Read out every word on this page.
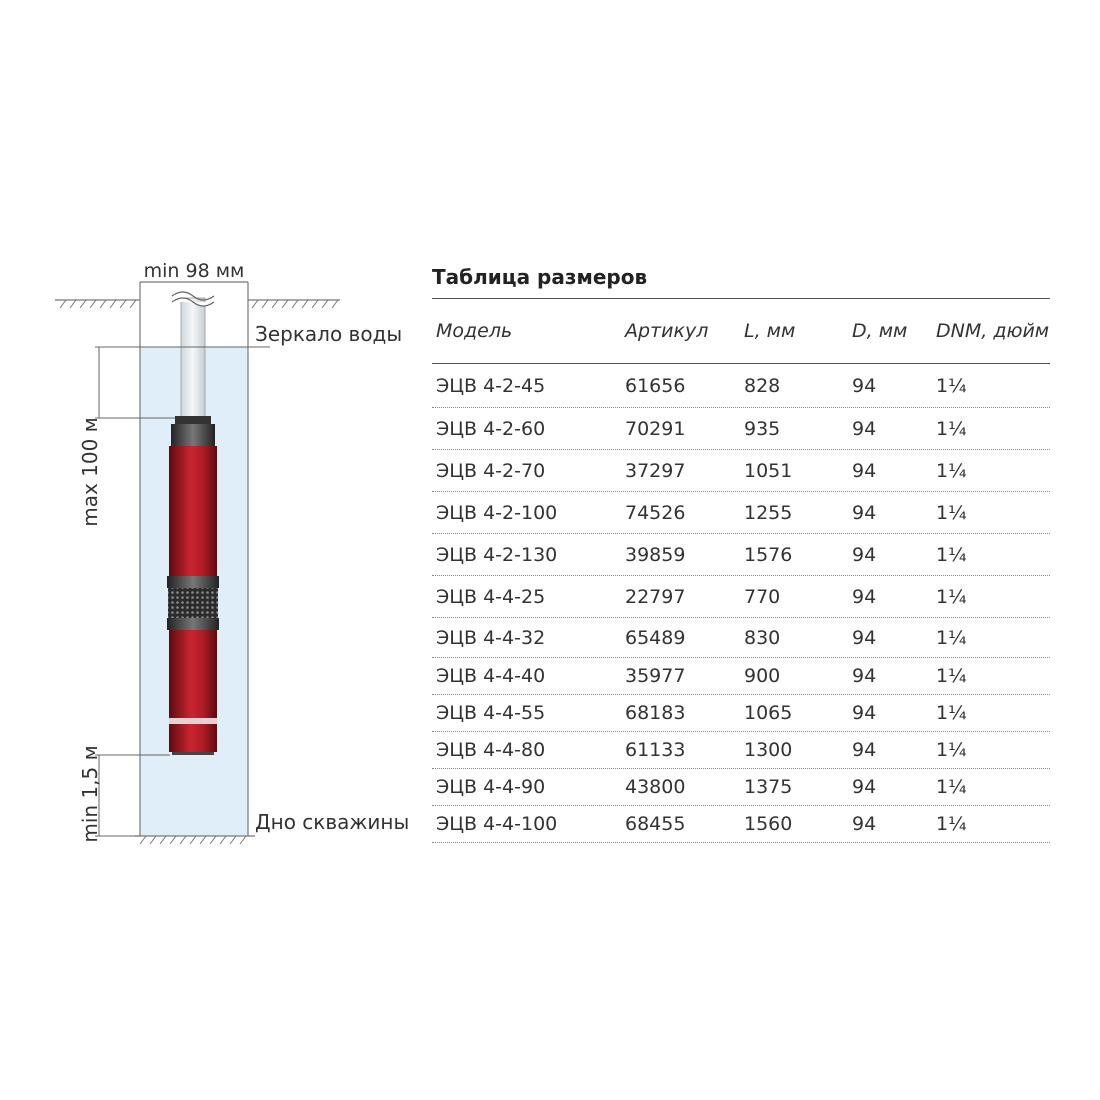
min 98 мм
Зеркало воды
max 100 м
min 1,5 м	Дно скважины
Таблица размеров
Модель	Артикул	L, мм	D, мм	DNM, дюйм
ЭЦВ 4-2-45	61656	828	94	1¼
ЭЦВ 4-2-60	70291	935	94	1¼
ЭЦВ 4-2-70	37297	1051	94	1¼
ЭЦВ 4-2-100	74526	1255	94	1¼
ЭЦВ 4-2-130	39859	1576	94	1¼
ЭЦВ 4-4-25	22797	770	94	1¼
ЭЦВ 4-4-32	65489	830	94	1¼
ЭЦВ 4-4-40	35977	900	94	1¼
ЭЦВ 4-4-55	68183	1065	94	1¼
ЭЦВ 4-4-80	61133	1300	94	1¼
ЭЦВ 4-4-90	43800	1375	94	1¼
ЭЦВ 4-4-100	68455	1560	94	1¼
